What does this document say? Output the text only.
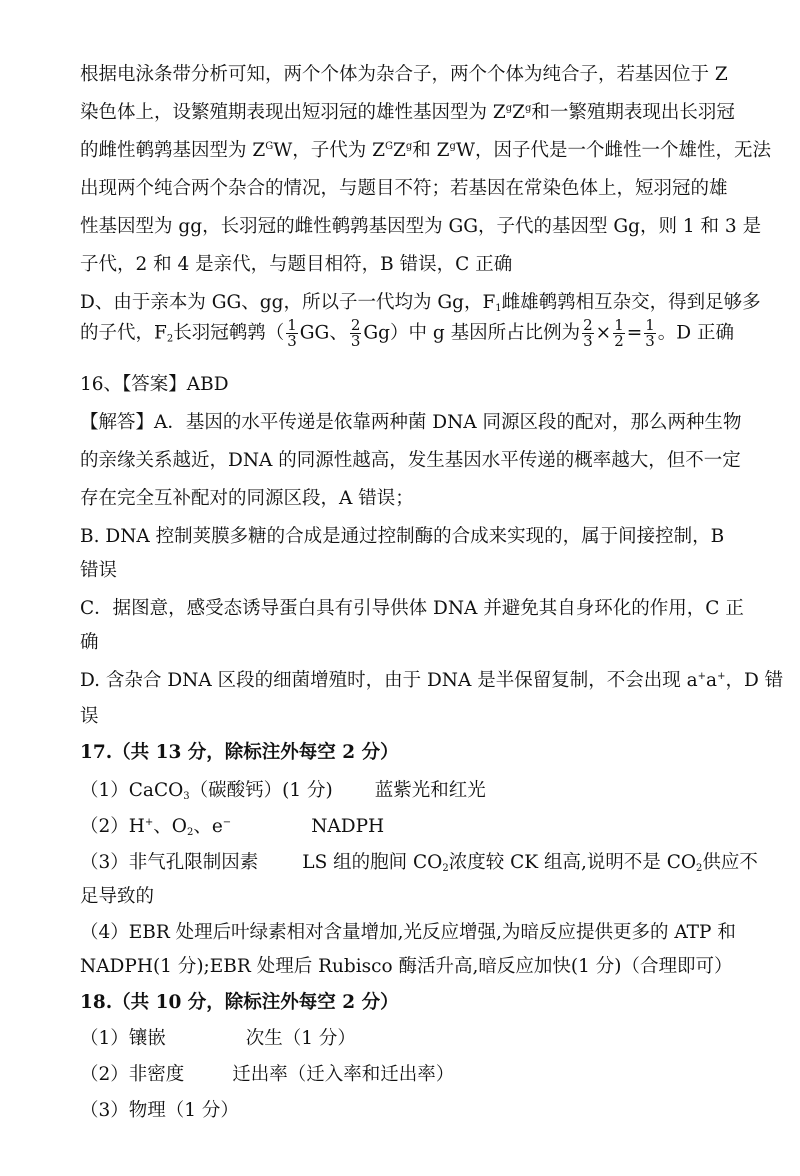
根据电泳条带分析可知，两个个体为杂合子，两个个体为纯合子，若基因位于 Z
染色体上，设繁殖期表现出短羽冠的雄性基因型为 $Z^gZ^g$和一繁殖期表现出长羽冠
的雌性鹌鹑基因型为 $Z^GW$，子代为 $Z^GZ^g$和 $Z^gW$，因子代是一个雌性一个雄性，无法
出现两个纯合两个杂合的情况，与题目不符；若基因在常染色体上，短羽冠的雄
性基因型为 gg，长羽冠的雌性鹌鹑基因型为 GG，子代的基因型 Gg，则 1 和 3 是
子代，2 和 4 是亲代，与题目相符，B 错误，C 正确
D、由于亲本为 GG、gg，所以子一代均为 Gg，$F_1$雌雄鹌鹑相互杂交，得到足够多
的子代，$F_2$长羽冠鹌鹑（ $\frac{1}{3}$ GG、 $\frac{2}{3} Gg$）中 g 基因所占比例为 $\frac{2}{3} \times \frac{1}{2} = \frac{1}{3}$ 。D 正确
16、【答案】ABD
【解答】A．基因的水平传递是依靠两种菌 DNA 同源区段的配对，那么两种生物
的亲缘关系越近，DNA 的同源性越高，发生基因水平传递的概率越大，但不一定
存在完全互补配对的同源区段，A 错误；
B. DNA 控制荚膜多糖的合成是通过控制酶的合成来实现的，属于间接控制，B
错误
C．据图意，感受态诱导蛋白具有引导供体 DNA 并避免其自身环化的作用，C 正
确
D. 含杂合 DNA 区段的细菌增殖时，由于 DNA 是半保留复制，不会出现 a+a+，D 错
误
17.（共 13 分，除标注外每空 2 分）
（1）CaCO$_3$（碳酸钙）(1 分) 蓝紫光和红光
（2）H+、$O_2$、e−	NADPH
（3）非气孔限制因素 LS 组的胞间 $CO_2$浓度较 CK 组高,说明不是 $CO_2$供应不
足导致的
（4）EBR 处理后叶绿素相对含量增加,光反应增强,为暗反应提供更多的 ATP 和
NADPH(1 分);EBR 处理后 Rubisco 酶活升高,暗反应加快(1 分)（合理即可）
18.（共 10 分，除标注外每空 2 分）
（1）镶嵌	次生（1 分）
（2）非密度	迁出率（迁入率和迁出率）
（3）物理（1 分）
